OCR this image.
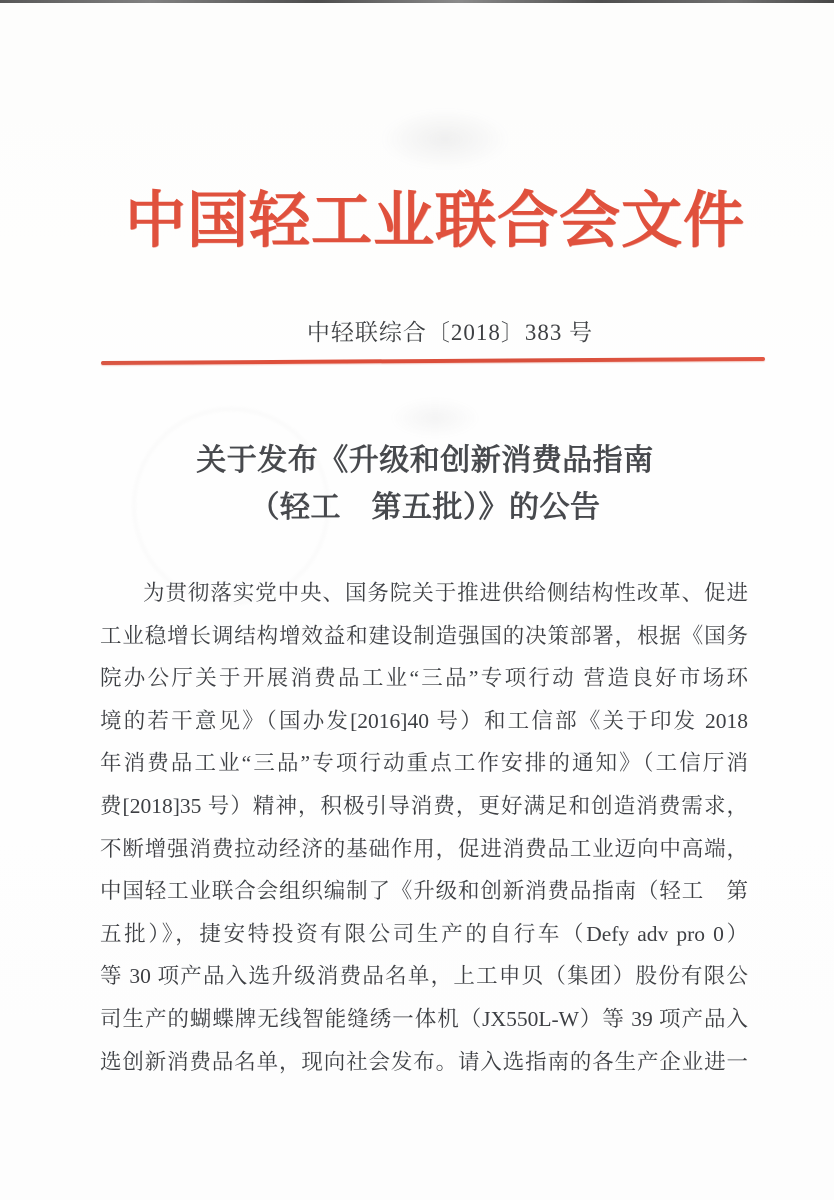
中国轻工业联合会文件
中轻联综合〔2018〕383 号
关于发布《升级和创新消费品指南
（轻工　第五批）》的公告

为贯彻落实党中央、国务院关于推进供给侧结构性改革、促进

工业稳增长调结构增效益和建设制造强国的决策部署，根据《国务

院办公厅关于开展消费品工业“三品”专项行动 营造良好市场环

境的若干意见》（国办发[2016]40 号）和工信部《关于印发 2018

年消费品工业“三品”专项行动重点工作安排的通知》（工信厅消

费[2018]35 号）精神，积极引导消费，更好满足和创造消费需求，

不断增强消费拉动经济的基础作用，促进消费品工业迈向中高端，

中国轻工业联合会组织编制了《升级和创新消费品指南（轻工　第

五批）》，捷安特投资有限公司生产的自行车（Defy adv pro 0）

等 30 项产品入选升级消费品名单，上工申贝（集团）股份有限公

司生产的蝴蝶牌无线智能缝绣一体机（JX550L-W）等 39 项产品入

选创新消费品名单，现向社会发布。请入选指南的各生产企业进一
